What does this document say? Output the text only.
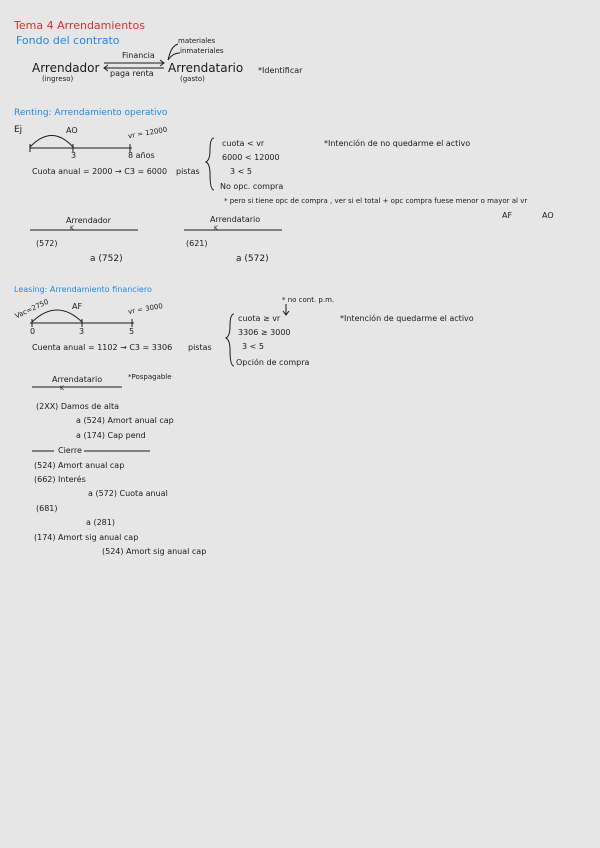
Tema 4 Arrendamientos
Fondo del contrato
Arrendador
(ingreso)
Financia
paga renta Arrendatario
(gasto)
materiales
inmateriales
*Identificar
Renting: Arrendamiento operativo
Ej	AO	vr = 12000
3	8 años
Cuota anual = 2000 → C3 = 6000 pistas
cuota < vr
6000 < 12000
3 < 5
No opc. compra
*Intención de no quedarme el activo
* pero si tiene opc de compra , ver si el total + opc compra fuese menor o mayor al vr
AF	AO
Arrendador
K
(572)
a (752)
Arrendatario
K
(621)
a (572)
Leasing: Arrendamiento financiero
Vac=2750	AF	vr = 3000
0	3	5
* no cont. p.m.
Cuenta anual = 1102 → C3 = 3306 pistas
cuota ≥ vr
3306 ≥ 3000
3 < 5
Opción de compra
*Intención de quedarme el activo
Arrendatario
K
*Pospagable
(2XX) Damos de alta
a (524) Amort anual cap
a (174) Cap pend
Cierre
(524) Amort anual cap
(662) Interés
a (572) Cuota anual
(681)
a (281)
(174) Amort sig anual cap
(524) Amort sig anual cap
